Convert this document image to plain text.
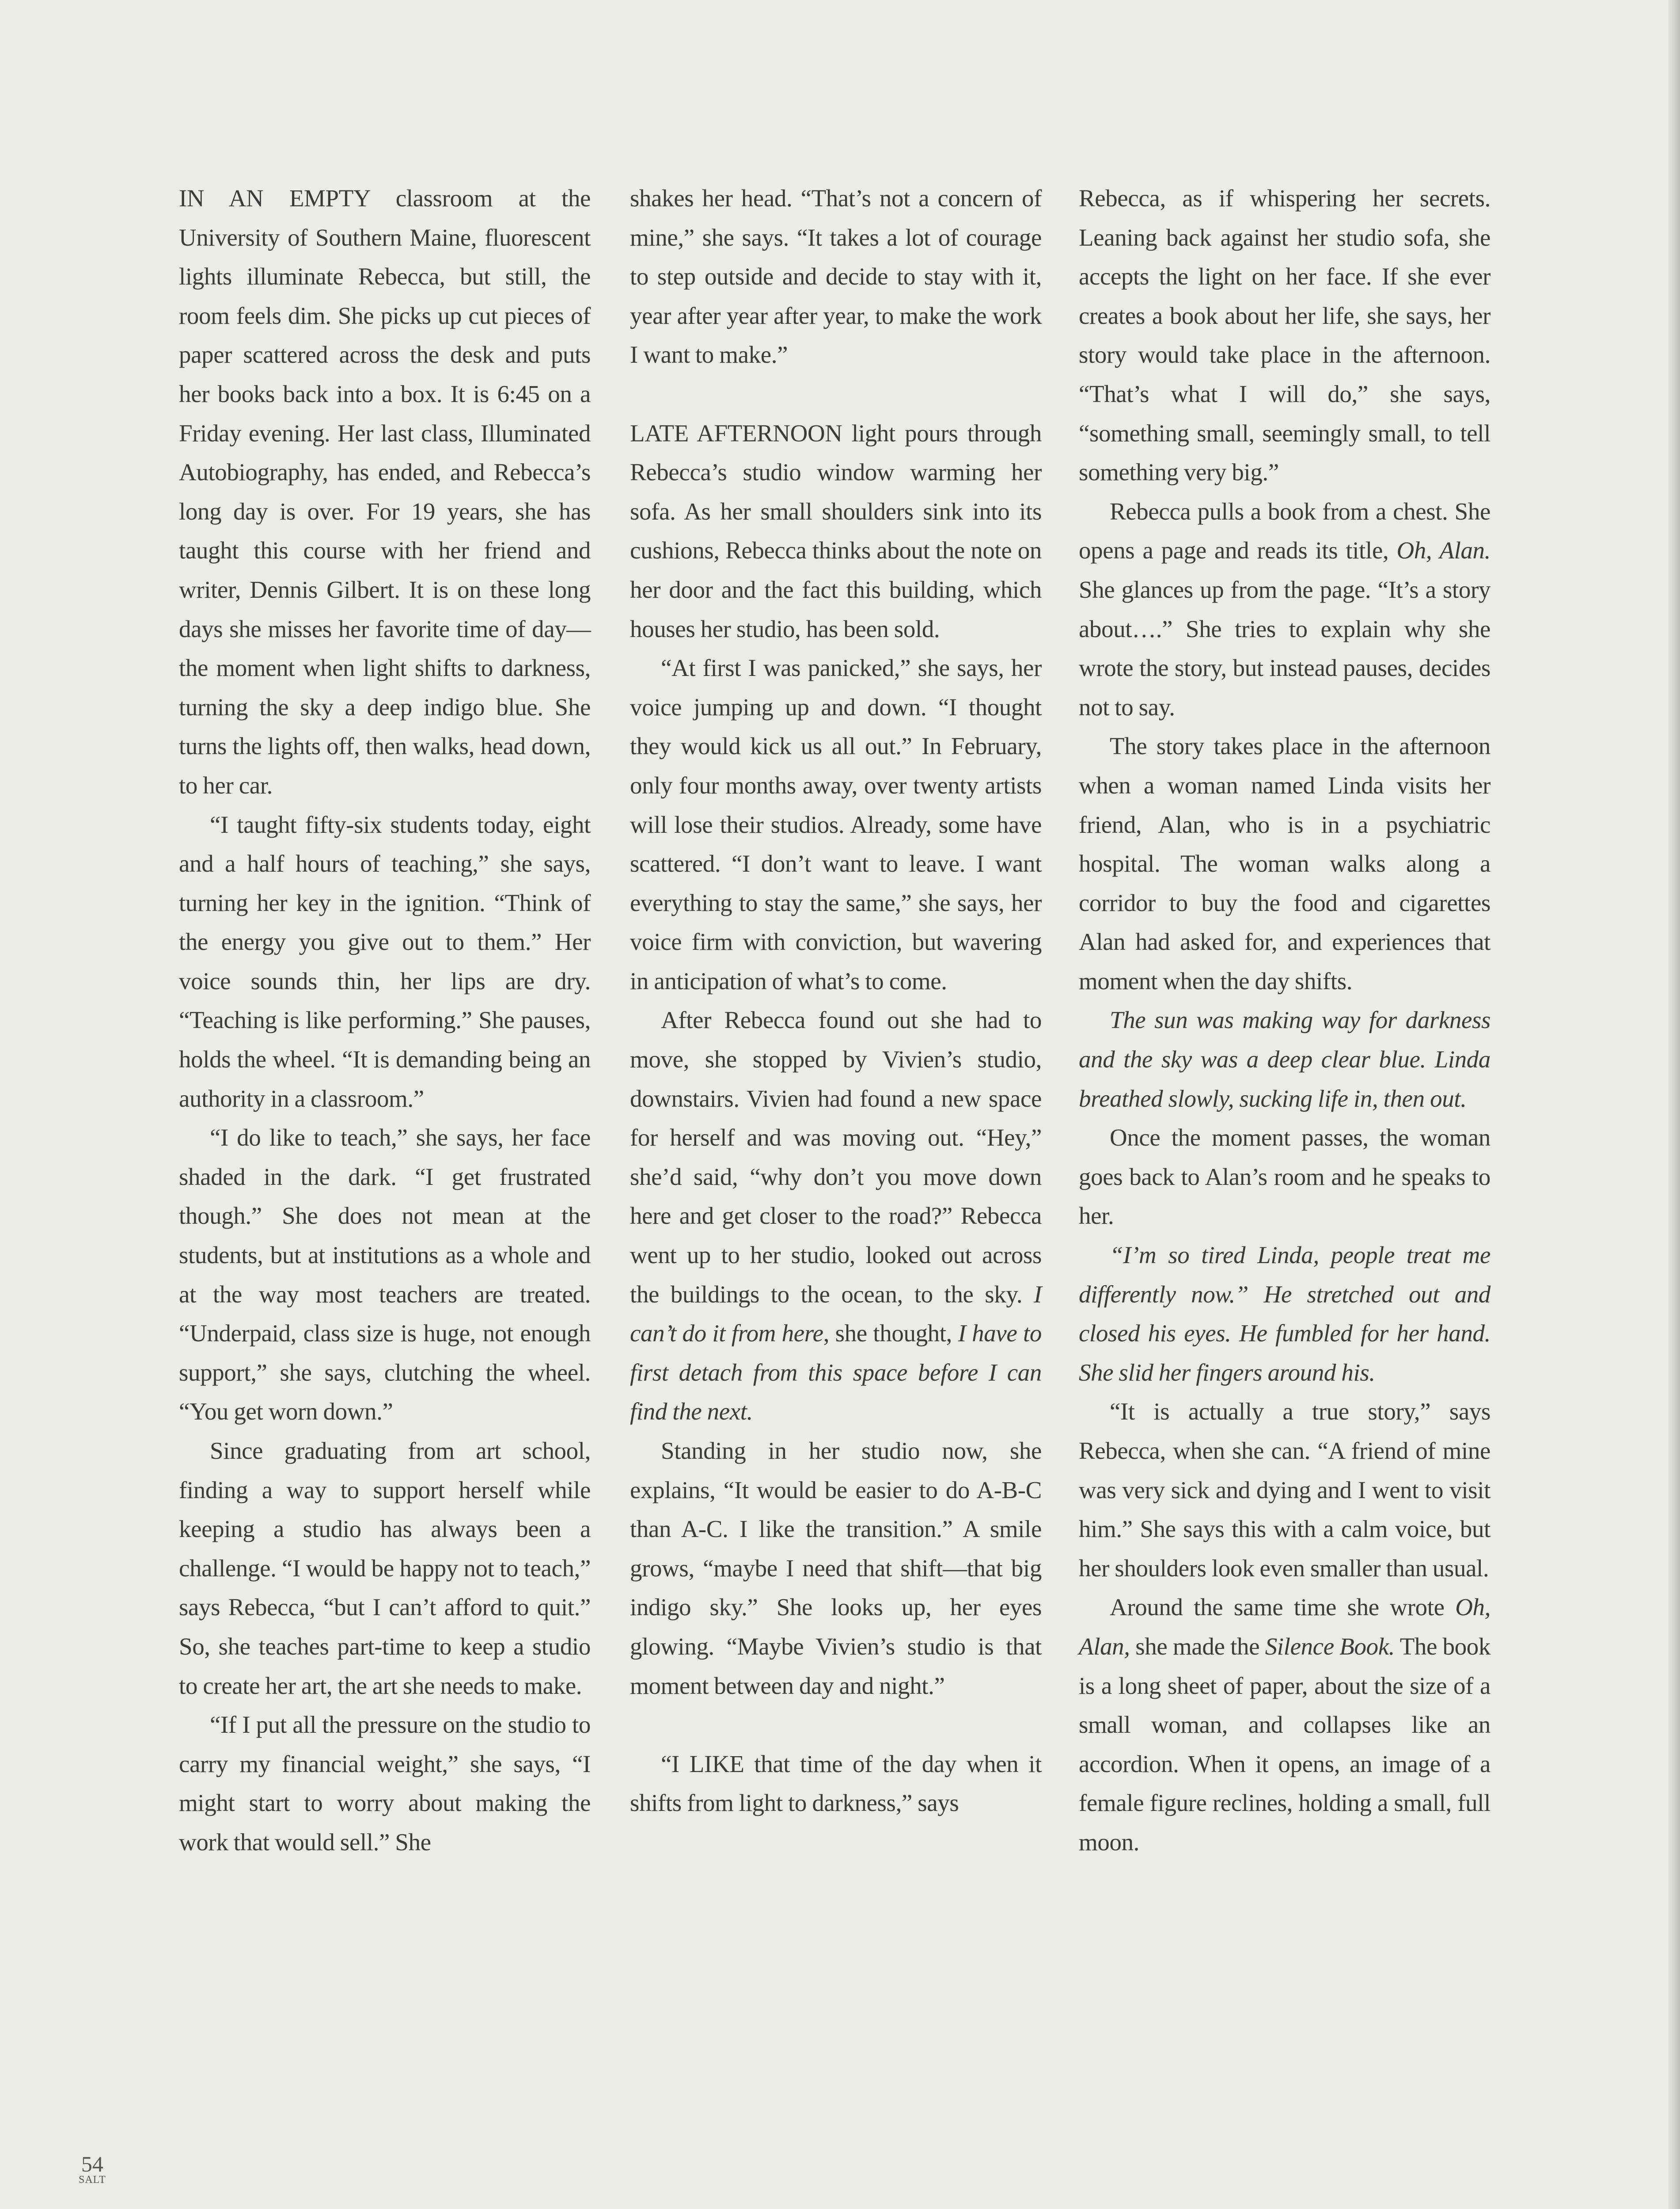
IN AN EMPTY classroom at the University of Southern Maine, fluorescent lights illuminate Rebecca, but still, the room feels dim. She picks up cut pieces of paper scattered across the desk and puts her books back into a box. It is 6:45 on a Friday evening. Her last class, Illuminated Autobiography, has ended, and Rebecca’s long day is over. For 19 years, she has taught this course with her friend and writer, Dennis Gilbert. It is on these long days she misses her favorite time of day—the moment when light shifts to darkness, turning the sky a deep indigo blue. She turns the lights off, then walks, head down, to her car.

“I taught fifty-six students today, eight and a half hours of teaching,” she says, turning her key in the ignition. “Think of the energy you give out to them.” Her voice sounds thin, her lips are dry. “Teaching is like performing.” She pauses, holds the wheel. “It is demanding being an authority in a classroom.”

“I do like to teach,” she says, her face shaded in the dark. “I get frustrated though.” She does not mean at the students, but at institutions as a whole and at the way most teachers are treated. “Underpaid, class size is huge, not enough support,” she says, clutching the wheel. “You get worn down.”

Since graduating from art school, finding a way to support herself while keeping a studio has always been a challenge. “I would be happy not to teach,” says Rebecca, “but I can’t afford to quit.” So, she teaches part-time to keep a studio to create her art, the art she needs to make.

“If I put all the pressure on the studio to carry my financial weight,” she says, “I might start to worry about making the work that would sell.” She

shakes her head. “That’s not a concern of mine,” she says. “It takes a lot of courage to step outside and decide to stay with it, year after year after year, to make the work I want to make.”

LATE AFTERNOON light pours through Rebecca’s studio window warming her sofa. As her small shoulders sink into its cushions, Rebecca thinks about the note on her door and the fact this building, which houses her studio, has been sold.

“At first I was panicked,” she says, her voice jumping up and down. “I thought they would kick us all out.” In February, only four months away, over twenty artists will lose their studios. Already, some have scattered. “I don’t want to leave. I want everything to stay the same,” she says, her voice firm with conviction, but wavering in anticipation of what’s to come.

After Rebecca found out she had to move, she stopped by Vivien’s studio, downstairs. Vivien had found a new space for herself and was moving out. “Hey,” she’d said, “why don’t you move down here and get closer to the road?” Rebecca went up to her studio, looked out across the buildings to the ocean, to the sky. I can’t do it from here, she thought, I have to first detach from this space before I can find the next.

Standing in her studio now, she explains, “It would be easier to do A-B-C than A-C. I like the transition.” A smile grows, “maybe I need that shift—that big indigo sky.” She looks up, her eyes glowing. “Maybe Vivien’s studio is that moment between day and night.”

“I LIKE that time of the day when it shifts from light to darkness,” says

Rebecca, as if whispering her secrets. Leaning back against her studio sofa, she accepts the light on her face. If she ever creates a book about her life, she says, her story would take place in the afternoon. “That’s what I will do,” she says, “something small, seemingly small, to tell something very big.”

Rebecca pulls a book from a chest. She opens a page and reads its title, Oh, Alan. She glances up from the page. “It’s a story about….” She tries to explain why she wrote the story, but instead pauses, decides not to say.

The story takes place in the afternoon when a woman named Linda visits her friend, Alan, who is in a psychiatric hospital. The woman walks along a corridor to buy the food and cigarettes Alan had asked for, and experiences that moment when the day shifts.

The sun was making way for darkness and the sky was a deep clear blue. Linda breathed slowly, sucking life in, then out.

Once the moment passes, the woman goes back to Alan’s room and he speaks to her.

“I’m so tired Linda, people treat me differently now.” He stretched out and closed his eyes. He fumbled for her hand. She slid her fingers around his.

“It is actually a true story,” says Rebecca, when she can. “A friend of mine was very sick and dying and I went to visit him.” She says this with a calm voice, but her shoulders look even smaller than usual.

Around the same time she wrote Oh, Alan, she made the Silence Book. The book is a long sheet of paper, about the size of a small woman, and collapses like an accordion. When it opens, an image of a female figure reclines, holding a small, full moon.

54
SALT
